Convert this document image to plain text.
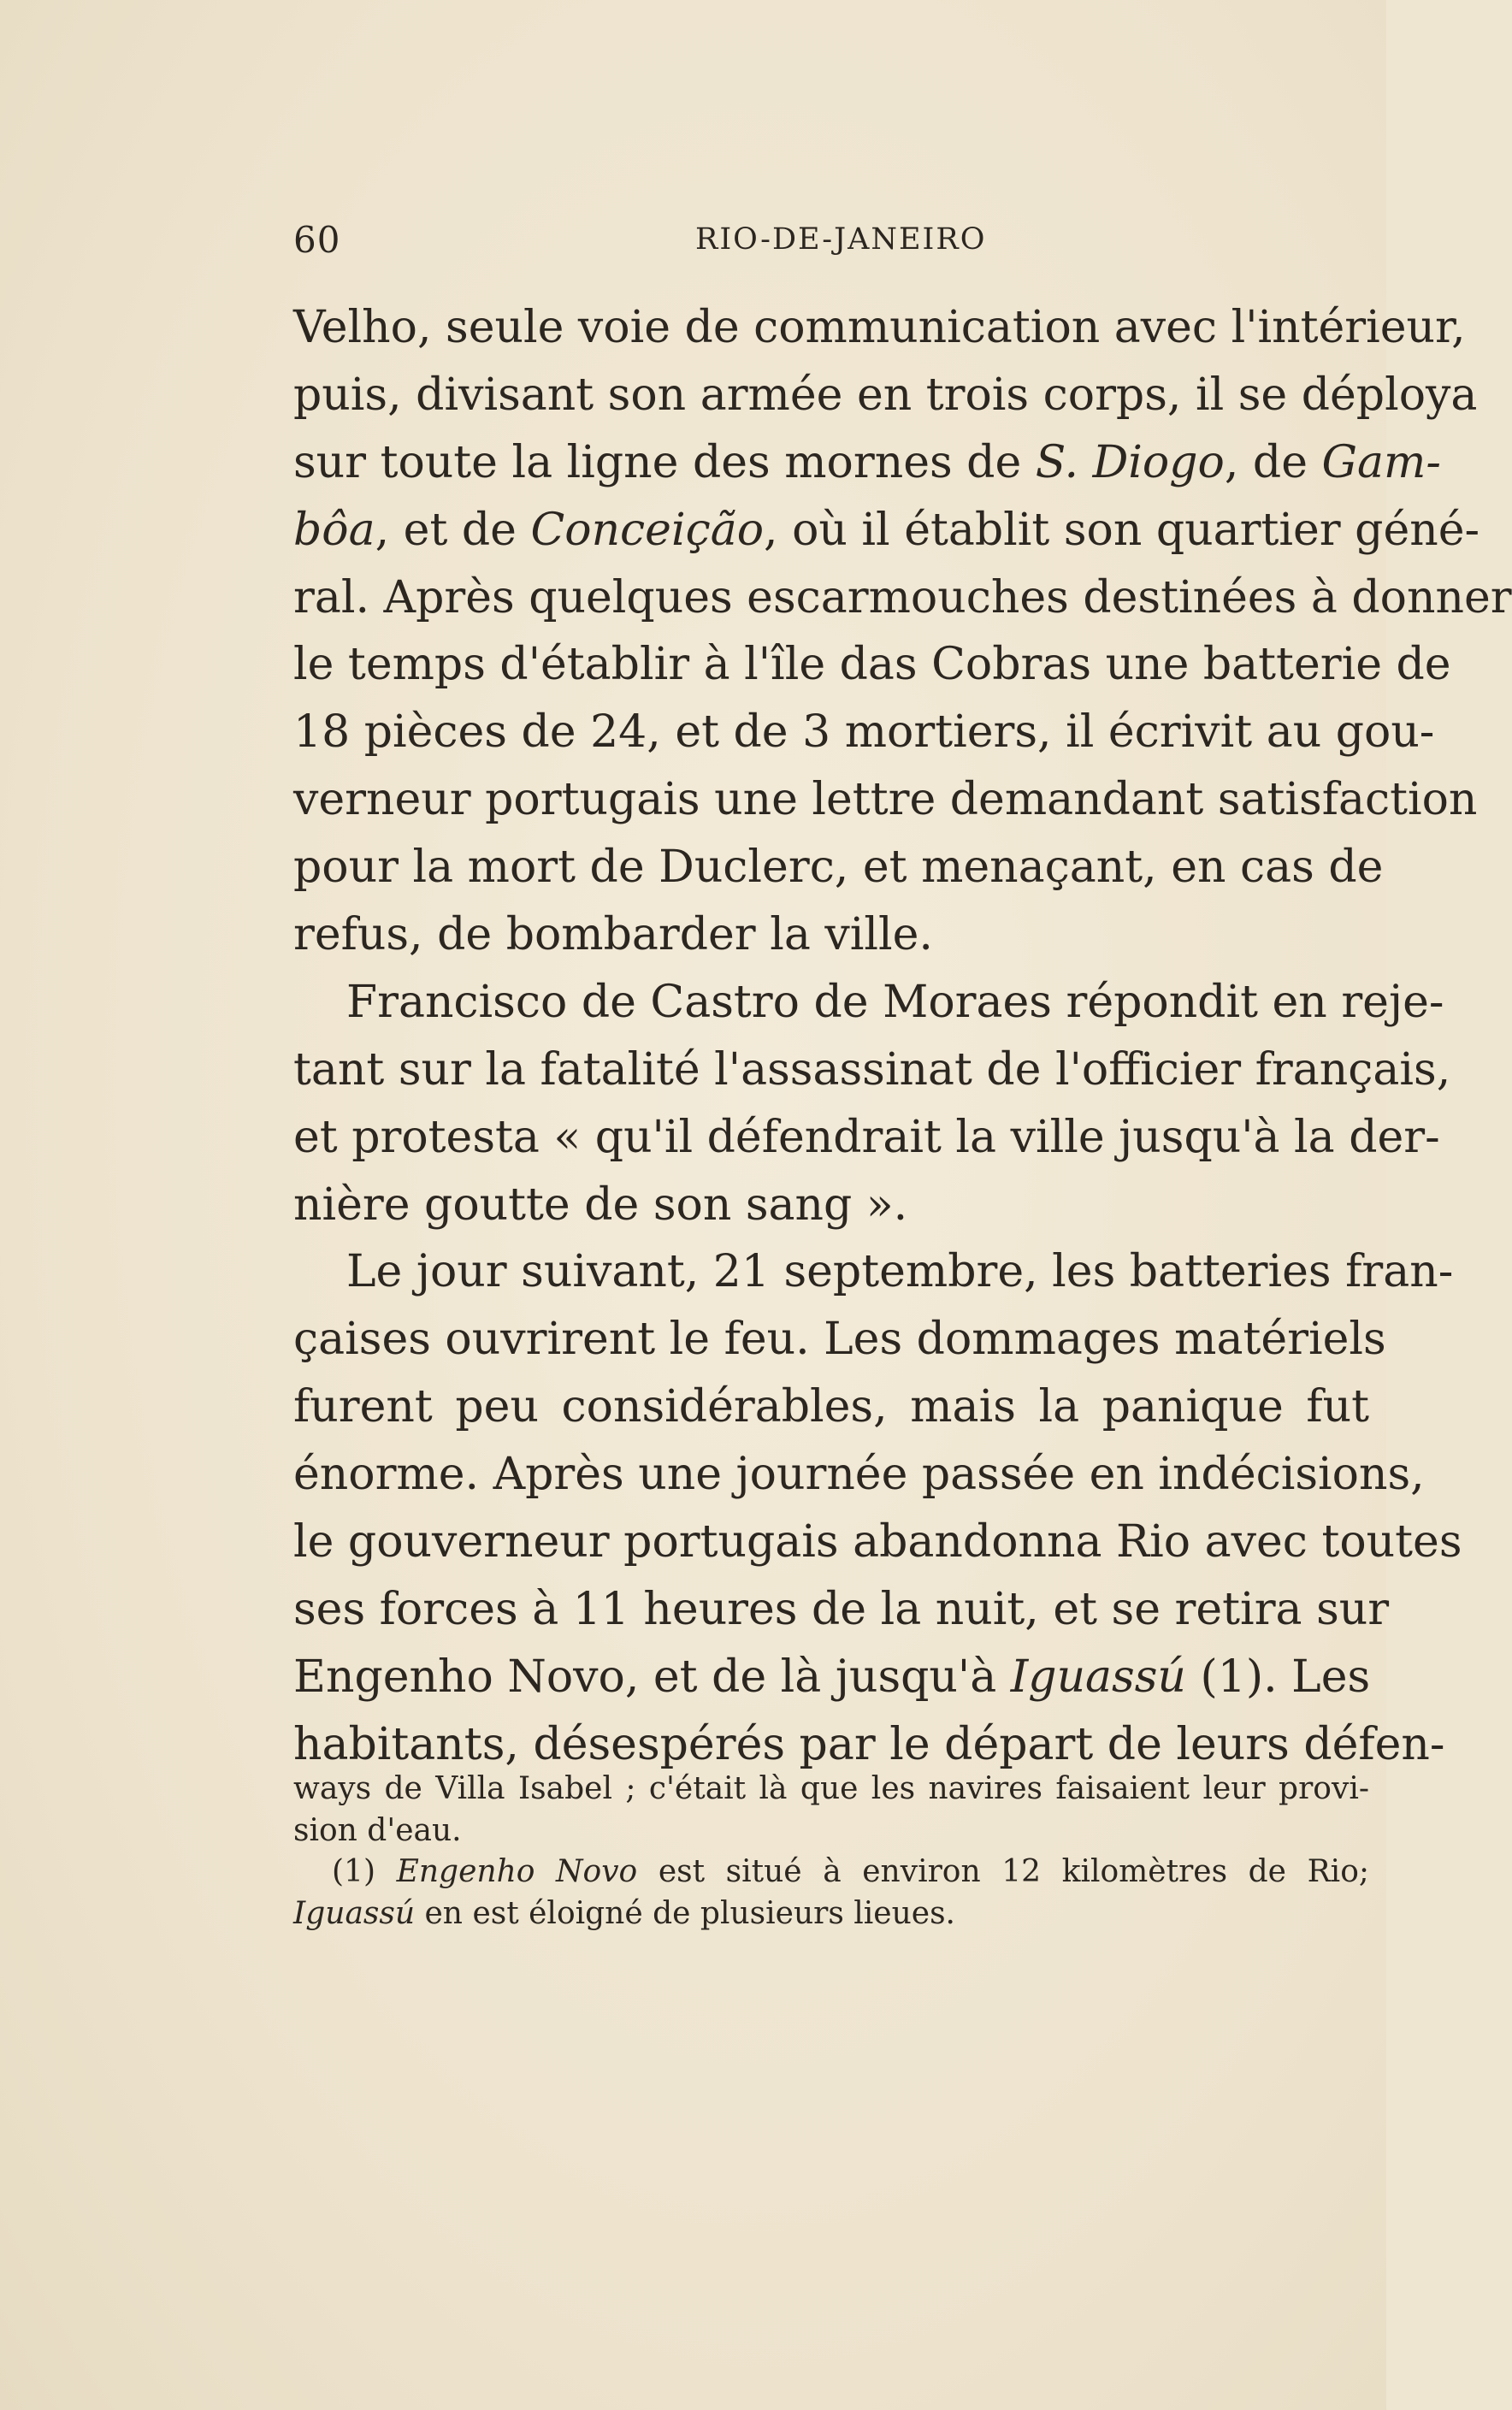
60	RIO-DE-JANEIRO
Velho, seule voie de communication avec l'intérieur,
puis, divisant son armée en trois corps, il se déploya
sur toute la ligne des mornes de S. Diogo, de Gam-
bôa, et de Conceição, où il établit son quartier géné-
ral. Après quelques escarmouches destinées à donner
le temps d'établir à l'île das Cobras une batterie de
18 pièces de 24, et de 3 mortiers, il écrivit au gou-
verneur portugais une lettre demandant satisfaction
pour la mort de Duclerc, et menaçant, en cas de
refus, de bombarder la ville.
Francisco de Castro de Moraes répondit en reje-
tant sur la fatalité l'assassinat de l'officier français,
et protesta « qu'il défendrait la ville jusqu'à la der-
nière goutte de son sang ».
Le jour suivant, 21 septembre, les batteries fran-
çaises ouvrirent le feu. Les dommages matériels
furent peu considérables, mais la panique fut
énorme. Après une journée passée en indécisions,
le gouverneur portugais abandonna Rio avec toutes
ses forces à 11 heures de la nuit, et se retira sur
Engenho Novo, et de là jusqu'à Iguassú (1). Les
habitants, désespérés par le départ de leurs défen-
ways de Villa Isabel ; c'était là que les navires faisaient leur provi-
sion d'eau.
(1) Engenho Novo est situé à environ 12 kilomètres de Rio;
Iguassú en est éloigné de plusieurs lieues.
